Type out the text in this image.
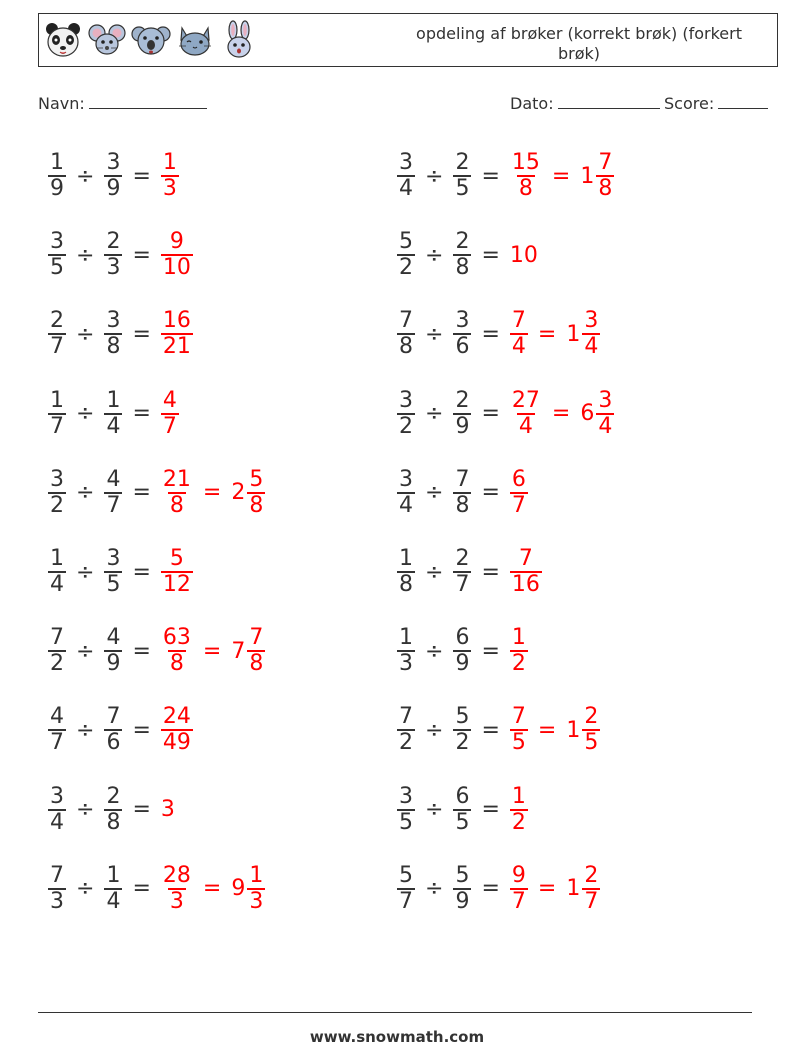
opdeling af brøker (korrekt brøk) (forkert brøk)
Navn:	Dato:	Score:
$\frac{1}{9} \div \frac{3}{9} = \frac{1}{3}$	$\frac{3}{4} \div \frac{2}{5} = \frac{15}{8} = 1 \frac{7}{8}$
$\frac{3}{5} \div \frac{2}{3} = \frac{9}{10}$	$\frac{5}{2} \div \frac{2}{8} = 10$
$\frac{2}{7} \div \frac{3}{8} = \frac{16}{21}$	$\frac{7}{8} \div \frac{3}{6} = \frac{7}{4} = 1 \frac{3}{4}$
$\frac{1}{7} \div \frac{1}{4} = \frac{4}{7}$	$\frac{3}{2} \div \frac{2}{9} = \frac{27}{4} = 6 \frac{3}{4}$
$\frac{3}{2} \div \frac{4}{7} = \frac{21}{8} = 2 \frac{5}{8}$	$\frac{3}{4} \div \frac{7}{8} = \frac{6}{7}$
$\frac{1}{4} \div \frac{3}{5} = \frac{5}{12}$	$\frac{1}{8} \div \frac{2}{7} = \frac{7}{16}$
$\frac{7}{2} \div \frac{4}{9} = \frac{63}{8} = 7 \frac{7}{8}$	$\frac{1}{3} \div \frac{6}{9} = \frac{1}{2}$
$\frac{4}{7} \div \frac{7}{6} = \frac{24}{49}$	$\frac{7}{2} \div \frac{5}{2} = \frac{7}{5} = 1 \frac{2}{5}$
$\frac{3}{4} \div \frac{2}{8} = 3$	$\frac{3}{5} \div \frac{6}{5} = \frac{1}{2}$
$\frac{7}{3} \div \frac{1}{4} = \frac{28}{3} = 9 \frac{1}{3}$	$\frac{5}{7} \div \frac{5}{9} = \frac{9}{7} = 1 \frac{2}{7}$
www.snowmath.com
